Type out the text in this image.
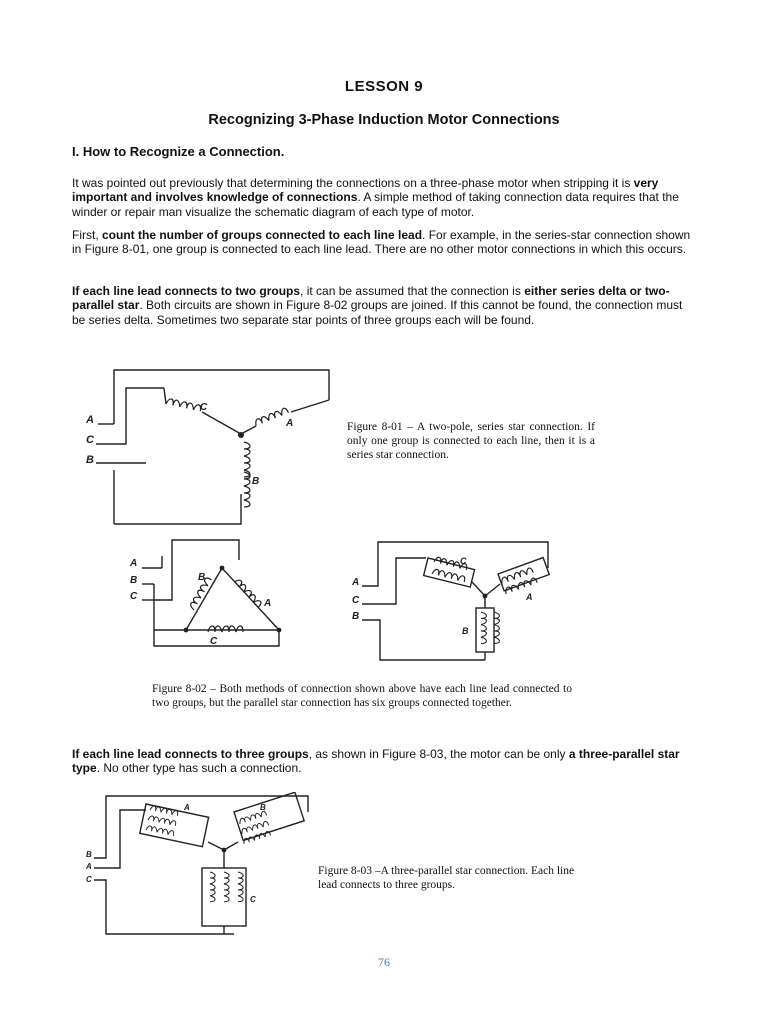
LESSON 9
Recognizing 3-Phase Induction Motor Connections
I. How to Recognize a Connection.
It was pointed out previously that determining the connections on a three-phase motor when stripping it is very important and involves knowledge of connections. A simple method of taking connection data requires that the winder or repair man visualize the schematic diagram of each type of motor.
First, count the number of groups connected to each line lead. For example, in the series-star connection shown in Figure 8-01, one group is connected to each line lead. There are no other motor connections in which this occurs.
If each line lead connects to two groups, it can be assumed that the connection is either series delta or two-parallel star. Both circuits are shown in Figure 8-02 groups are joined. If this cannot be found, the connection must be series delta. Sometimes two separate star points of three groups each will be found.
A
C
B
C
A
B
Figure 8-01 – A two-pole, series star connection. If only one group is connected to each line, then it is a series star connection.
A
B
C
B
A
C
A
C
B
C
A
B
Figure 8-02 – Both methods of connection shown above have each line lead connected to two groups, but the parallel star connection has six groups connected together.
If each line lead connects to three groups, as shown in Figure 8-03, the motor can be only a three-parallel star type. No other type has such a connection.
B
A
C
A	B
C
Figure 8-03 –A three-parallel star connection. Each line lead connects to three groups.
76
